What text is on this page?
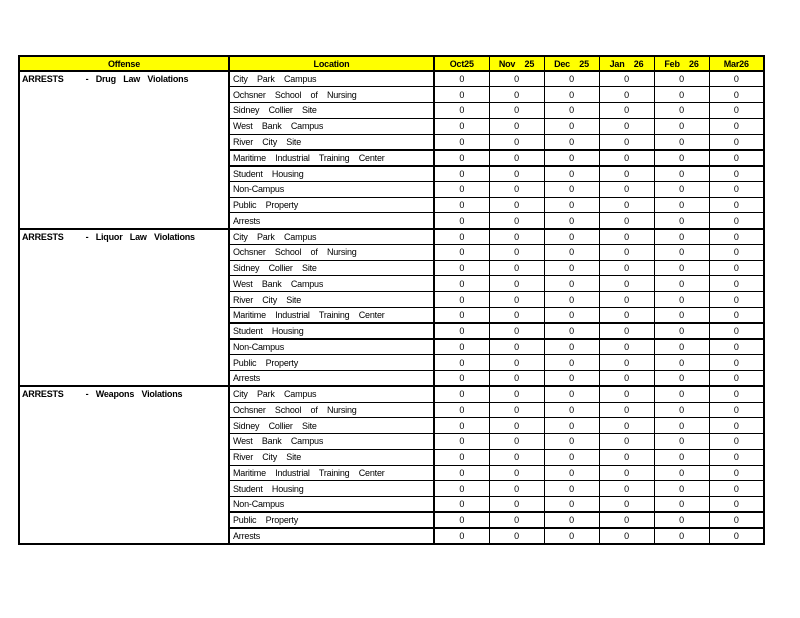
Offense	Location	Oct25	Nov 25	Dec 25	Jan 26	Feb 26	Mar26
ARRESTS - Drug Law Violations	City Park Campus	0	0	0	0	0	0
	Ochsner School of Nursing	0	0	0	0	0	0
	Sidney Collier Site	0	0	0	0	0	0
	West Bank Campus	0	0	0	0	0	0
	River City Site	0	0	0	0	0	0
	Maritime Industrial Training Center	0	0	0	0	0	0
	Student Housing	0	0	0	0	0	0
	Non-Campus	0	0	0	0	0	0
	Public Property	0	0	0	0	0	0
	Arrests	0	0	0	0	0	0
ARRESTS - Liquor Law Violations	City Park Campus	0	0	0	0	0	0
	Ochsner School of Nursing	0	0	0	0	0	0
	Sidney Collier Site	0	0	0	0	0	0
	West Bank Campus	0	0	0	0	0	0
	River City Site	0	0	0	0	0	0
	Maritime Industrial Training Center	0	0	0	0	0	0
	Student Housing	0	0	0	0	0	0
	Non-Campus	0	0	0	0	0	0
	Public Property	0	0	0	0	0	0
	Arrests	0	0	0	0	0	0
ARRESTS - Weapons Violations	City Park Campus	0	0	0	0	0	0
	Ochsner School of Nursing	0	0	0	0	0	0
	Sidney Collier Site	0	0	0	0	0	0
	West Bank Campus	0	0	0	0	0	0
	River City Site	0	0	0	0	0	0
	Maritime Industrial Training Center	0	0	0	0	0	0
	Student Housing	0	0	0	0	0	0
	Non-Campus	0	0	0	0	0	0
	Public Property	0	0	0	0	0	0
	Arrests	0	0	0	0	0	0
